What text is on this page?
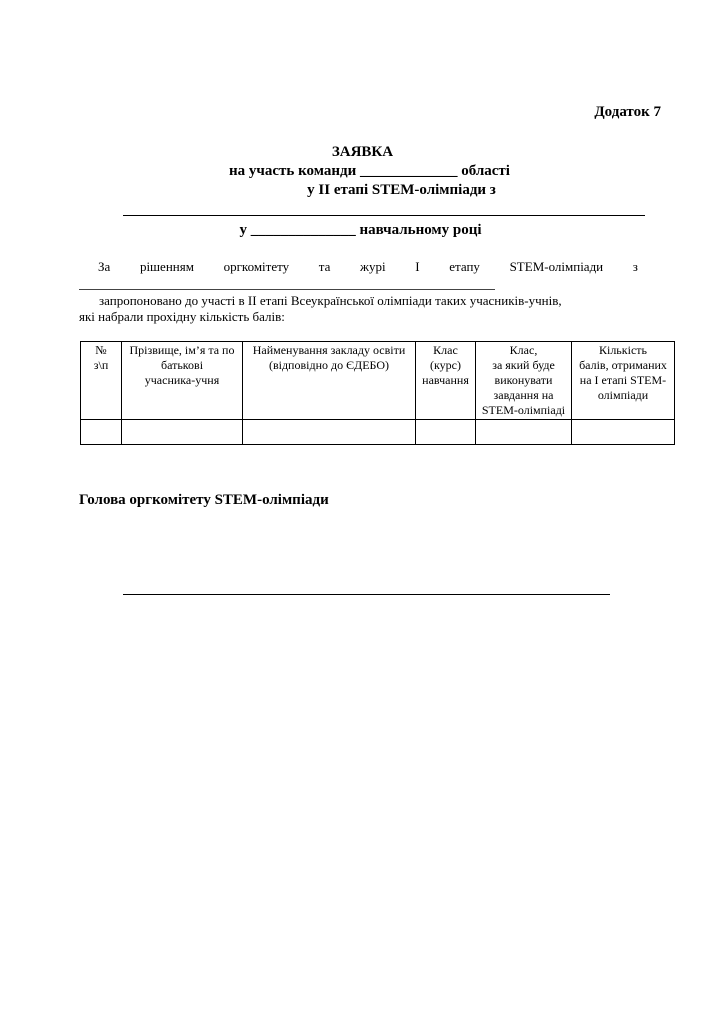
Додаток 7
ЗАЯВКА
на участь команди _____________ області
у ІІ етапі STEM-олімпіади з
у ______________ навчальному році
За рішенням оргкомітету та журі I етапу STEM-олімпіади з
запропоновано до участі в ІІ етапі Всеукраїнської олімпіади таких учасників-учнів,
які набрали прохідну кількість балів:
№
з\п	Прізвище, ім’я та по
батькові
учасника-учня	Найменування закладу освіти
(відповідно до ЄДЕБО)	Клас
(курс)
навчання	Клас,
за який буде
виконувати
завдання на
STEM-олімпіаді	Кількість
балів, отриманих
на І етапі STEM-
олімпіади

Голова оргкомітету STEM-олімпіади
